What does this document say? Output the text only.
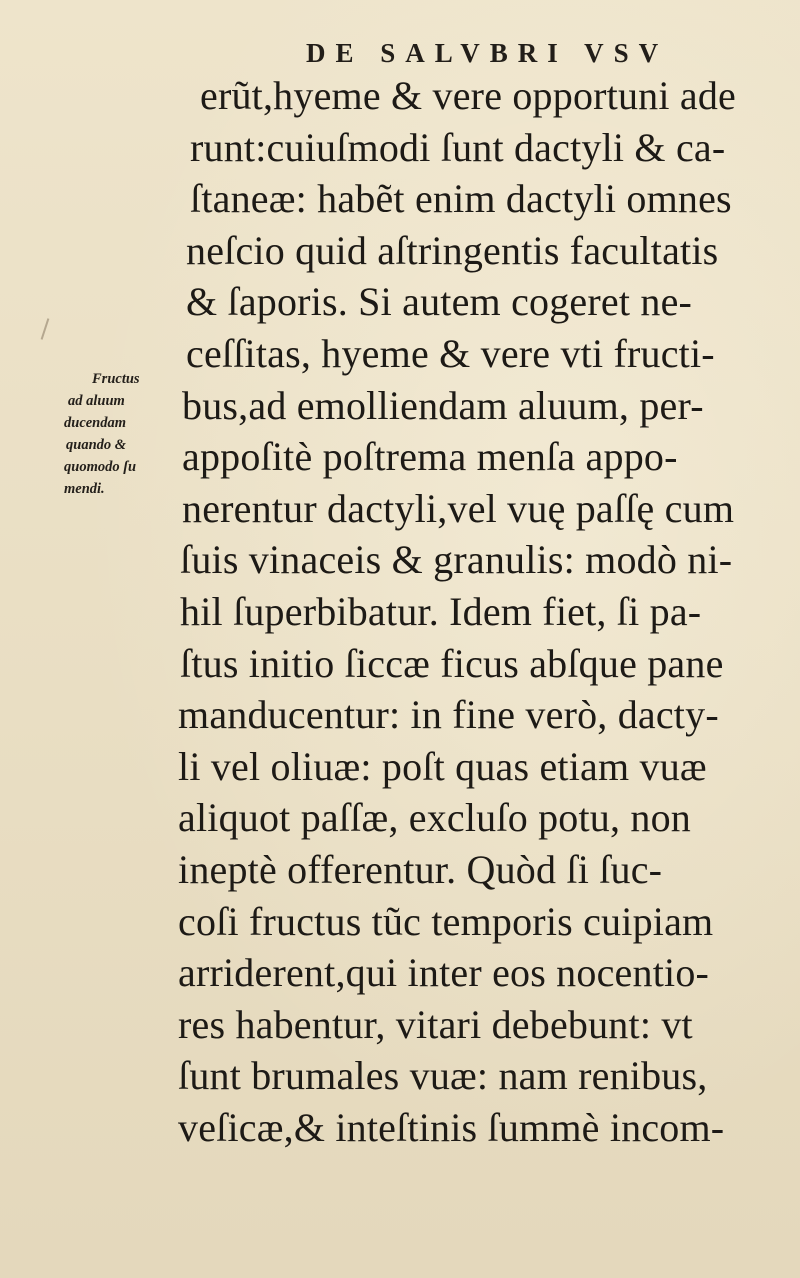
DE SALVBRI VSV
Fructus
ad aluum
ducendam
quando &
quomodo ſu
mendi.
erũt,hyeme & vere opportuni ade
runt:cuiuſmodi ſunt dactyli & ca-
ſtaneæ: habẽt enim dactyli omnes
neſcio quid aſtringentis facultatis
& ſaporis. Si autem cogeret ne-
ceſſitas, hyeme & vere vti fructi-
bus,ad emolliendam aluum, per-
appoſitè poſtrema menſa appo-
nerentur dactyli,vel vuę paſſę cum
ſuis vinaceis & granulis: modò ni-
hil ſuperbibatur. Idem fiet, ſi pa-
ſtus initio ſiccæ ficus abſque pane
manducentur: in fine verò, dacty-
li vel oliuæ: poſt quas etiam vuæ
aliquot paſſæ, excluſo potu, non
ineptè offerentur. Quòd ſi ſuc-
coſi fructus tũc temporis cuipiam
arriderent,qui inter eos nocentio-
res habentur, vitari debebunt: vt
ſunt brumales vuæ: nam renibus,
veſicæ,& inteſtinis ſummè incom-
